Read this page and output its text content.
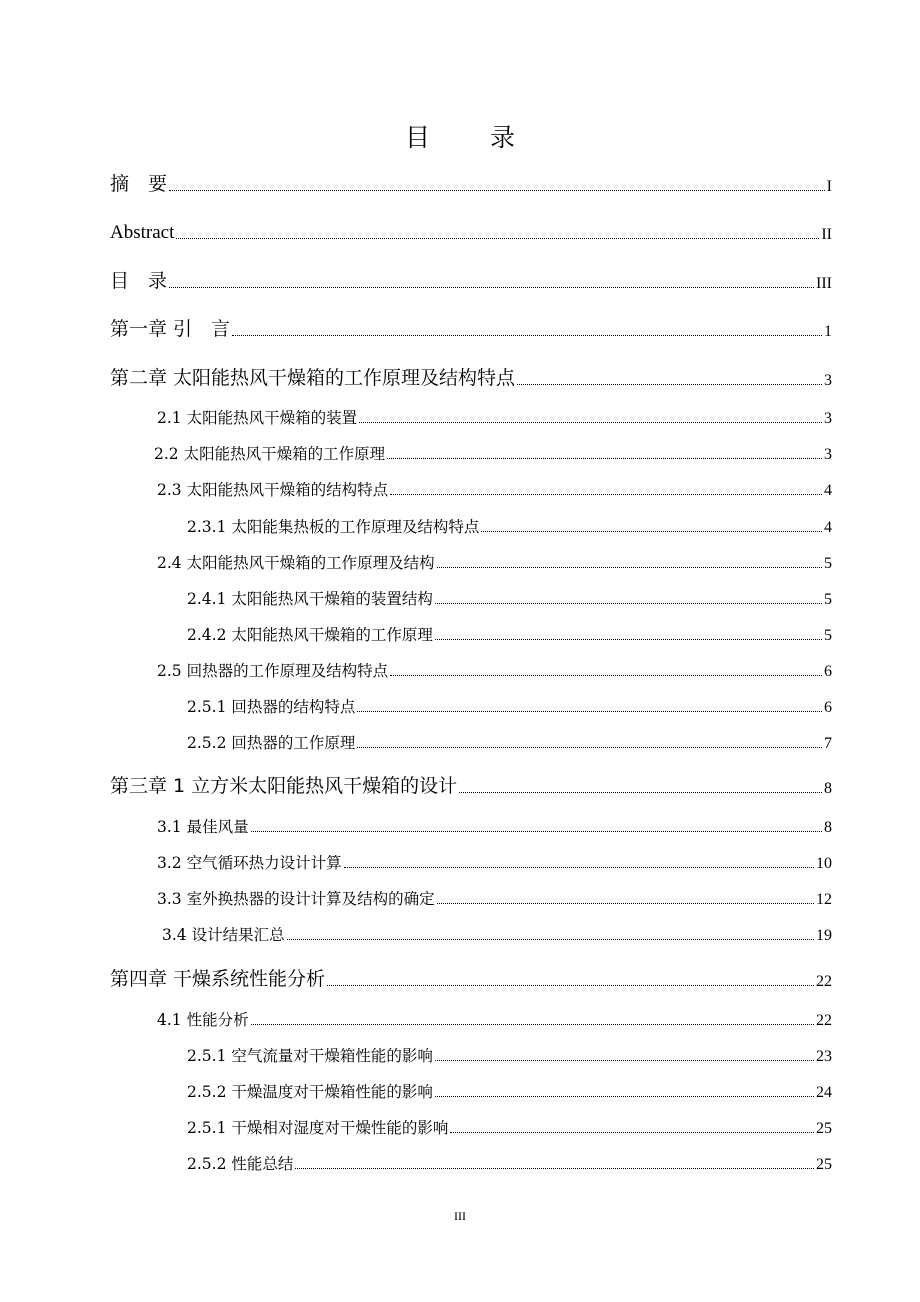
目 录
摘　要	I
Abstract	II
目　录	III
第一章 引　言	1
第二章 太阳能热风干燥箱的工作原理及结构特点	3
2.1 太阳能热风干燥箱的装置	3
2.2 太阳能热风干燥箱的工作原理	3
2.3 太阳能热风干燥箱的结构特点	4
2.3.1 太阳能集热板的工作原理及结构特点	4
2.4 太阳能热风干燥箱的工作原理及结构	5
2.4.1 太阳能热风干燥箱的装置结构	5
2.4.2 太阳能热风干燥箱的工作原理	5
2.5 回热器的工作原理及结构特点	6
2.5.1 回热器的结构特点	6
2.5.2 回热器的工作原理	7
第三章 1 立方米太阳能热风干燥箱的设计	8
3.1 最佳风量	8
3.2 空气循环热力设计计算	10
3.3 室外换热器的设计计算及结构的确定	12
3.4 设计结果汇总	19
第四章 干燥系统性能分析	22
4.1 性能分析	22
2.5.1 空气流量对干燥箱性能的影响	23
2.5.2 干燥温度对干燥箱性能的影响	24
2.5.1 干燥相对湿度对干燥性能的影响	25
2.5.2 性能总结	25
III
